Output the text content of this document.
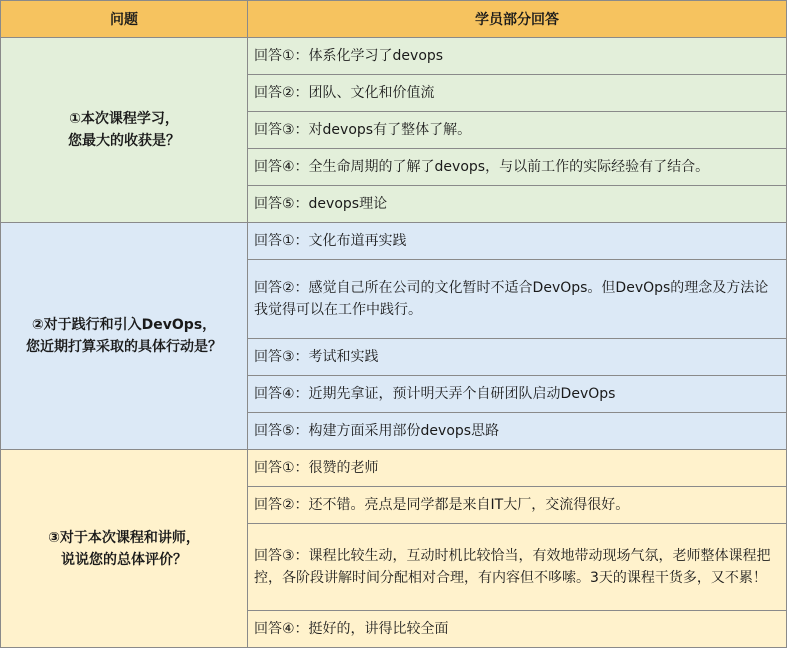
问题	学员部分回答

①本次课程学习，
您最大的收获是？	回答①：体系化学习了devops
	回答②：团队、文化和价值流
	回答③：对devops有了整体了解。
	回答④：全生命周期的了解了devops，与以前工作的实际经验有了结合。
	回答⑤：devops理论

②对于践行和引入DevOps，
您近期打算采取的具体行动是？	回答①：文化布道再实践
	回答②：感觉自己所在公司的文化暂时不适合DevOps。但DevOps的理念及方法论我觉得可以在工作中践行。
	回答③：考试和实践
	回答④：近期先拿证，预计明天弄个自研团队启动DevOps
	回答⑤：构建方面采用部份devops思路

③对于本次课程和讲师，
说说您的总体评价？	回答①：很赞的老师
	回答②：还不错。亮点是同学都是来自IT大厂，交流得很好。
	回答③：课程比较生动，互动时机比较恰当，有效地带动现场气氛，老师整体课程把控，各阶段讲解时间分配相对合理，有内容但不哆嗦。3天的课程干货多，又不累！
	回答④：挺好的，讲得比较全面
